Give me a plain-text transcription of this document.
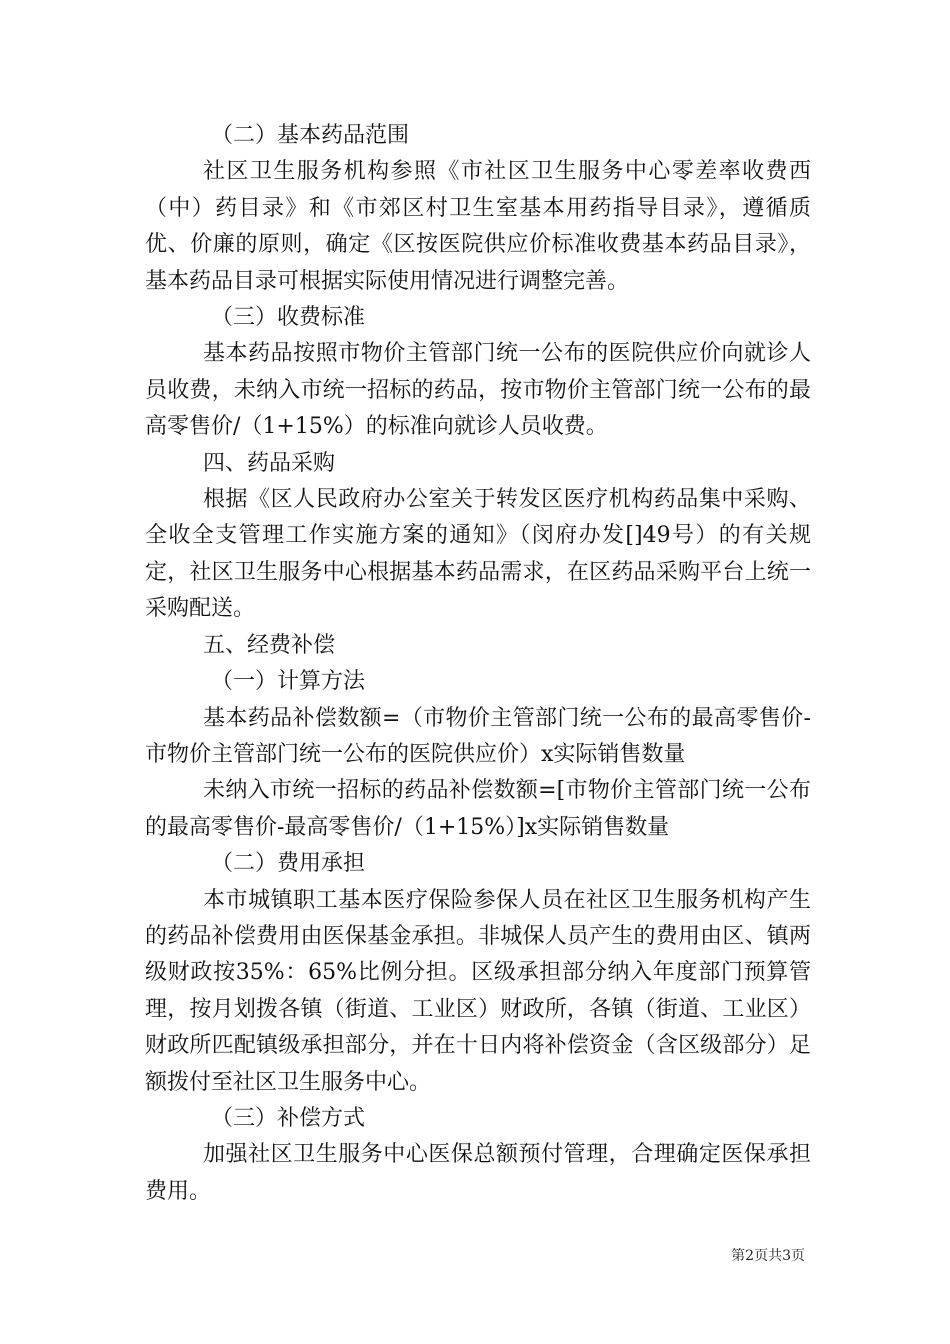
（二）基本药品范围

社区卫生服务机构参照《市社区卫生服务中心零差率收费西（中）药目录》和《市郊区村卫生室基本用药指导目录》，遵循质优、价廉的原则，确定《区按医院供应价标准收费基本药品目录》，基本药品目录可根据实际使用情况进行调整完善。

（三）收费标准

基本药品按照市物价主管部门统一公布的医院供应价向就诊人员收费，未纳入市统一招标的药品，按市物价主管部门统一公布的最高零售价/（1+15%）的标准向就诊人员收费。

四、药品采购

根据《区人民政府办公室关于转发区医疗机构药品集中采购、全收全支管理工作实施方案的通知》（闵府办发[]49号）的有关规定，社区卫生服务中心根据基本药品需求，在区药品采购平台上统一采购配送。

五、经费补偿

（一）计算方法

基本药品补偿数额=（市物价主管部门统一公布的最高零售价-市物价主管部门统一公布的医院供应价）x实际销售数量

未纳入市统一招标的药品补偿数额=[市物价主管部门统一公布的最高零售价-最高零售价/（1+15%）]x实际销售数量

（二）费用承担

本市城镇职工基本医疗保险参保人员在社区卫生服务机构产生的药品补偿费用由医保基金承担。非城保人员产生的费用由区、镇两级财政按35%：65%比例分担。区级承担部分纳入年度部门预算管理，按月划拨各镇（街道、工业区）财政所，各镇（街道、工业区）财政所匹配镇级承担部分，并在十日内将补偿资金（含区级部分）足额拨付至社区卫生服务中心。

（三）补偿方式

加强社区卫生服务中心医保总额预付管理，合理确定医保承担费用。

第2页共3页
